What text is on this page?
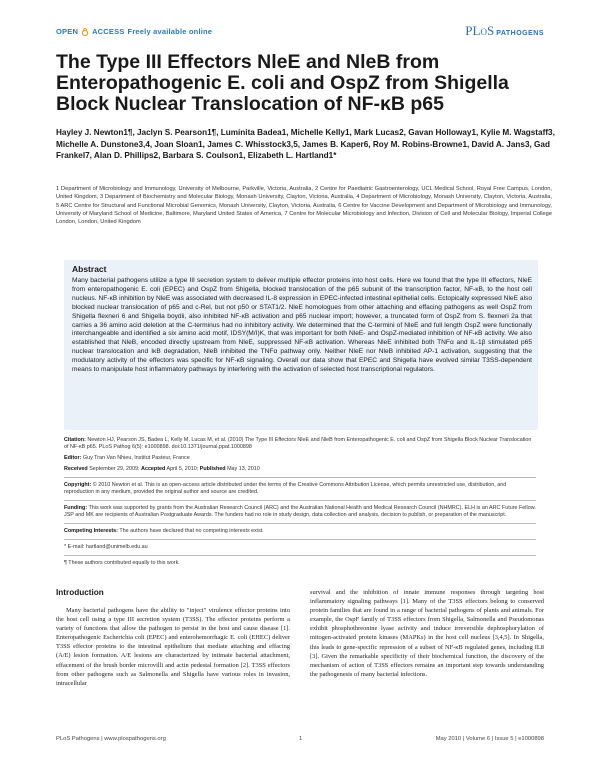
OPEN ACCESS Freely available online	PLoS PATHOGENS
The Type III Effectors NleE and NleB from Enteropathogenic E. coli and OspZ from Shigella Block Nuclear Translocation of NF-κB p65
Hayley J. Newton1¶, Jaclyn S. Pearson1¶, Luminita Badea1, Michelle Kelly1, Mark Lucas2, Gavan Holloway1, Kylie M. Wagstaff3, Michelle A. Dunstone3,4, Joan Sloan1, James C. Whisstock3,5, James B. Kaper6, Roy M. Robins-Browne1, David A. Jans3, Gad Frankel7, Alan D. Phillips2, Barbara S. Coulson1, Elizabeth L. Hartland1*
1 Department of Microbiology and Immunology, University of Melbourne, Parkville, Victoria, Australia, 2 Centre for Paediatric Gastroenterology, UCL Medical School, Royal Free Campus, London, United Kingdom, 3 Department of Biochemistry and Molecular Biology, Monash University, Clayton, Victoria, Australia, 4 Department of Microbiology, Monash University, Clayton, Victoria, Australia, 5 ARC Centre for Structural and Functional Microbial Genomics, Monash University, Clayton, Victoria, Australia, 6 Centre for Vaccine Development and Department of Microbiology and Immunology, University of Maryland School of Medicine, Baltimore, Maryland United States of America, 7 Centre for Molecular Microbiology and Infection, Division of Cell and Molecular Biology, Imperial College London, London, United Kingdom
Abstract
Many bacterial pathogens utilize a type III secretion system to deliver multiple effector proteins into host cells. Here we found that the type III effectors, NleE from enteropathogenic E. coli (EPEC) and OspZ from Shigella, blocked translocation of the p65 subunit of the transcription factor, NF-κB, to the host cell nucleus. NF-κB inhibition by NleE was associated with decreased IL-8 expression in EPEC-infected intestinal epithelial cells. Ectopically expressed NleE also blocked nuclear translocation of p65 and c-Rel, but not p50 or STAT1/2. NleE homologues from other attaching and effacing pathogens as well OspZ from Shigella flexneri 6 and Shigella boydii, also inhibited NF-κB activation and p65 nuclear import; however, a truncated form of OspZ from S. flexneri 2a that carries a 36 amino acid deletion at the C-terminus had no inhibitory activity. We determined that the C-termini of NleE and full length OspZ were functionally interchangeable and identified a six amino acid motif, IDSY(M/I)K, that was important for both NleE- and OspZ-mediated inhibition of NF-κB activity. We also established that NleB, encoded directly upstream from NleE, suppressed NF-κB activation. Whereas NleE inhibited both TNFα and IL-1β stimulated p65 nuclear translocation and IκB degradation, NleB inhibited the TNFα pathway only. Neither NleE nor NleB inhibited AP-1 activation, suggesting that the modulatory activity of the effectors was specific for NF-κB signaling. Overall our data show that EPEC and Shigella have evolved similar T3SS-dependent means to manipulate host inflammatory pathways by interfering with the activation of selected host transcriptional regulators.

Citation: Newton HJ, Pearson JS, Badea L, Kelly M, Lucas M, et al. (2010) The Type III Effectors NleE and NleB from Enteropathogenic E. coli and OspZ from Shigella Block Nuclear Translocation of NF-κB p65. PLoS Pathog 6(5): e1000898. doi:10.1371/journal.ppat.1000898

Editor: Guy Tran Van Nhieu, Institut Pasteur, France

Received September 29, 2009; Accepted April 5, 2010; Published May 13, 2010

Copyright: © 2010 Newton et al. This is an open-access article distributed under the terms of the Creative Commons Attribution License, which permits unrestricted use, distribution, and reproduction in any medium, provided the original author and source are credited.

Funding: This work was supported by grants from the Australian Research Council (ARC) and the Australian National Health and Medical Research Council (NHMRC). ELH is an ARC Future Fellow. JSP and MK are recipients of Australian Postgraduate Awards. The funders had no role in study design, data collection and analysis, decision to publish, or preparation of the manuscript.

Competing Interests: The authors have declared that no competing interests exist.

* E-mail: hartland@unimelb.edu.au

¶ These authors contributed equally to this work.

Introduction
Many bacterial pathogens have the ability to "inject" virulence effector proteins into the host cell using a type III secretion system (T3SS). The effector proteins perform a variety of functions that allow the pathogen to persist in the host and cause disease [1]. Enteropathogenic Escherichia coli (EPEC) and enterohemorrhagic E. coli (EHEC) deliver T3SS effector proteins to the intestinal epithelium that mediate attaching and effacing (A/E) lesion formation. A/E lesions are characterized by intimate bacterial attachment, effacement of the brush border microvilli and actin pedestal formation [2]. T3SS effectors from other pathogens such as Salmonella and Shigella have various roles in invasion, intracellular
survival and the inhibition of innate immune responses through targeting host inflammatory signaling pathways [1]. Many of the T3SS effectors belong to conserved protein families that are found in a range of bacterial pathogens of plants and animals. For example, the OspF family of T3SS effectors from Shigella, Salmonella and Pseudomonas exhibit phosphothreonine lyase activity and induce irreversible dephosphorylation of mitogen-activated protein kinases (MAPKs) in the host cell nucleus [3,4,5]. In Shigella, this leads to gene-specific repression of a subset of NF-κB regulated genes, including IL8 [3]. Given the remarkable specificity of their biochemical function, the discovery of the mechanism of action of T3SS effectors remains an important step towards understanding the pathogenesis of many bacterial infections.
PLoS Pathogens | www.plospathogens.org	1	May 2010 | Volume 6 | Issue 5 | e1000898
